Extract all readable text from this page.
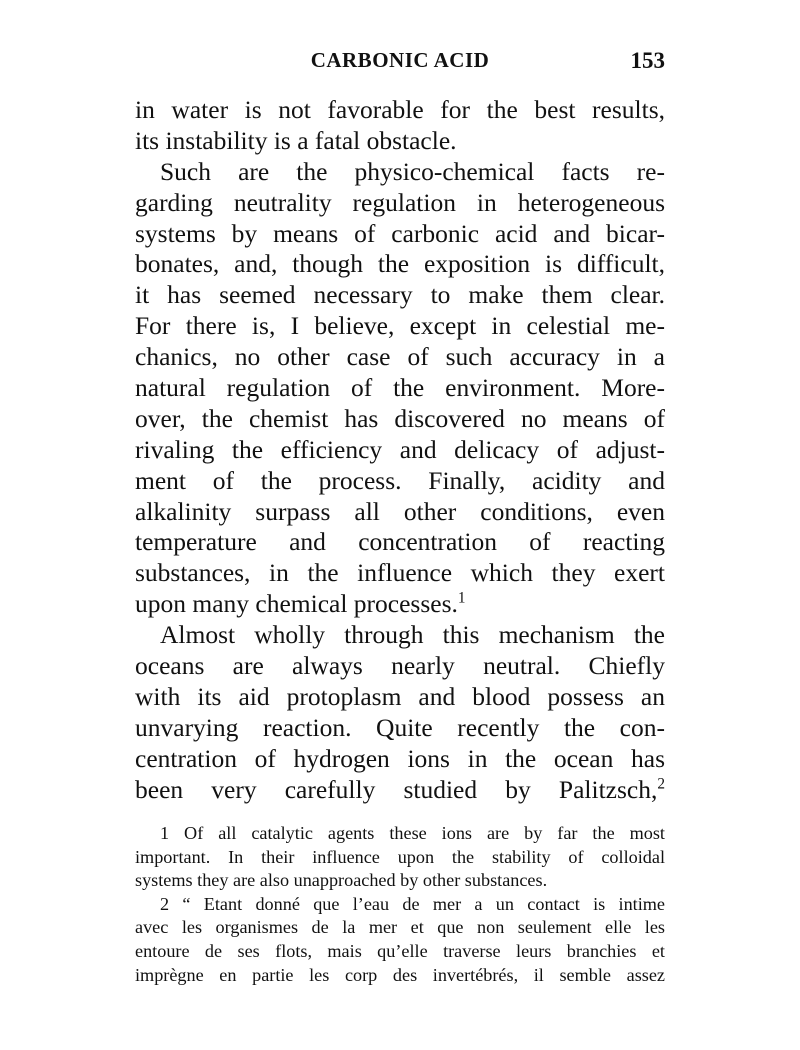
CARBONIC ACID	153
in water is not favorable for the best results,
its instability is a fatal obstacle.
Such are the physico-chemical facts re-
garding neutrality regulation in heterogeneous
systems by means of carbonic acid and bicar-
bonates, and, though the exposition is difficult,
it has seemed necessary to make them clear.
For there is, I believe, except in celestial me-
chanics, no other case of such accuracy in a
natural regulation of the environment. More-
over, the chemist has discovered no means of
rivaling the efficiency and delicacy of adjust-
ment of the process. Finally, acidity and
alkalinity surpass all other conditions, even
temperature and concentration of reacting
substances, in the influence which they exert
upon many chemical processes.$^1$
Almost wholly through this mechanism the
oceans are always nearly neutral. Chiefly
with its aid protoplasm and blood possess an
unvarying reaction. Quite recently the con-
centration of hydrogen ions in the ocean has
been very carefully studied by Palitzsch,$^2$
1 Of all catalytic agents these ions are by far the most
important. In their influence upon the stability of colloidal
systems they are also unapproached by other substances.
2 “ Etant donné que l’eau de mer a un contact is intime
avec les organismes de la mer et que non seulement elle les
entoure de ses flots, mais qu’elle traverse leurs branchies et
imprègne en partie les corp des invertébrés, il semble assez
